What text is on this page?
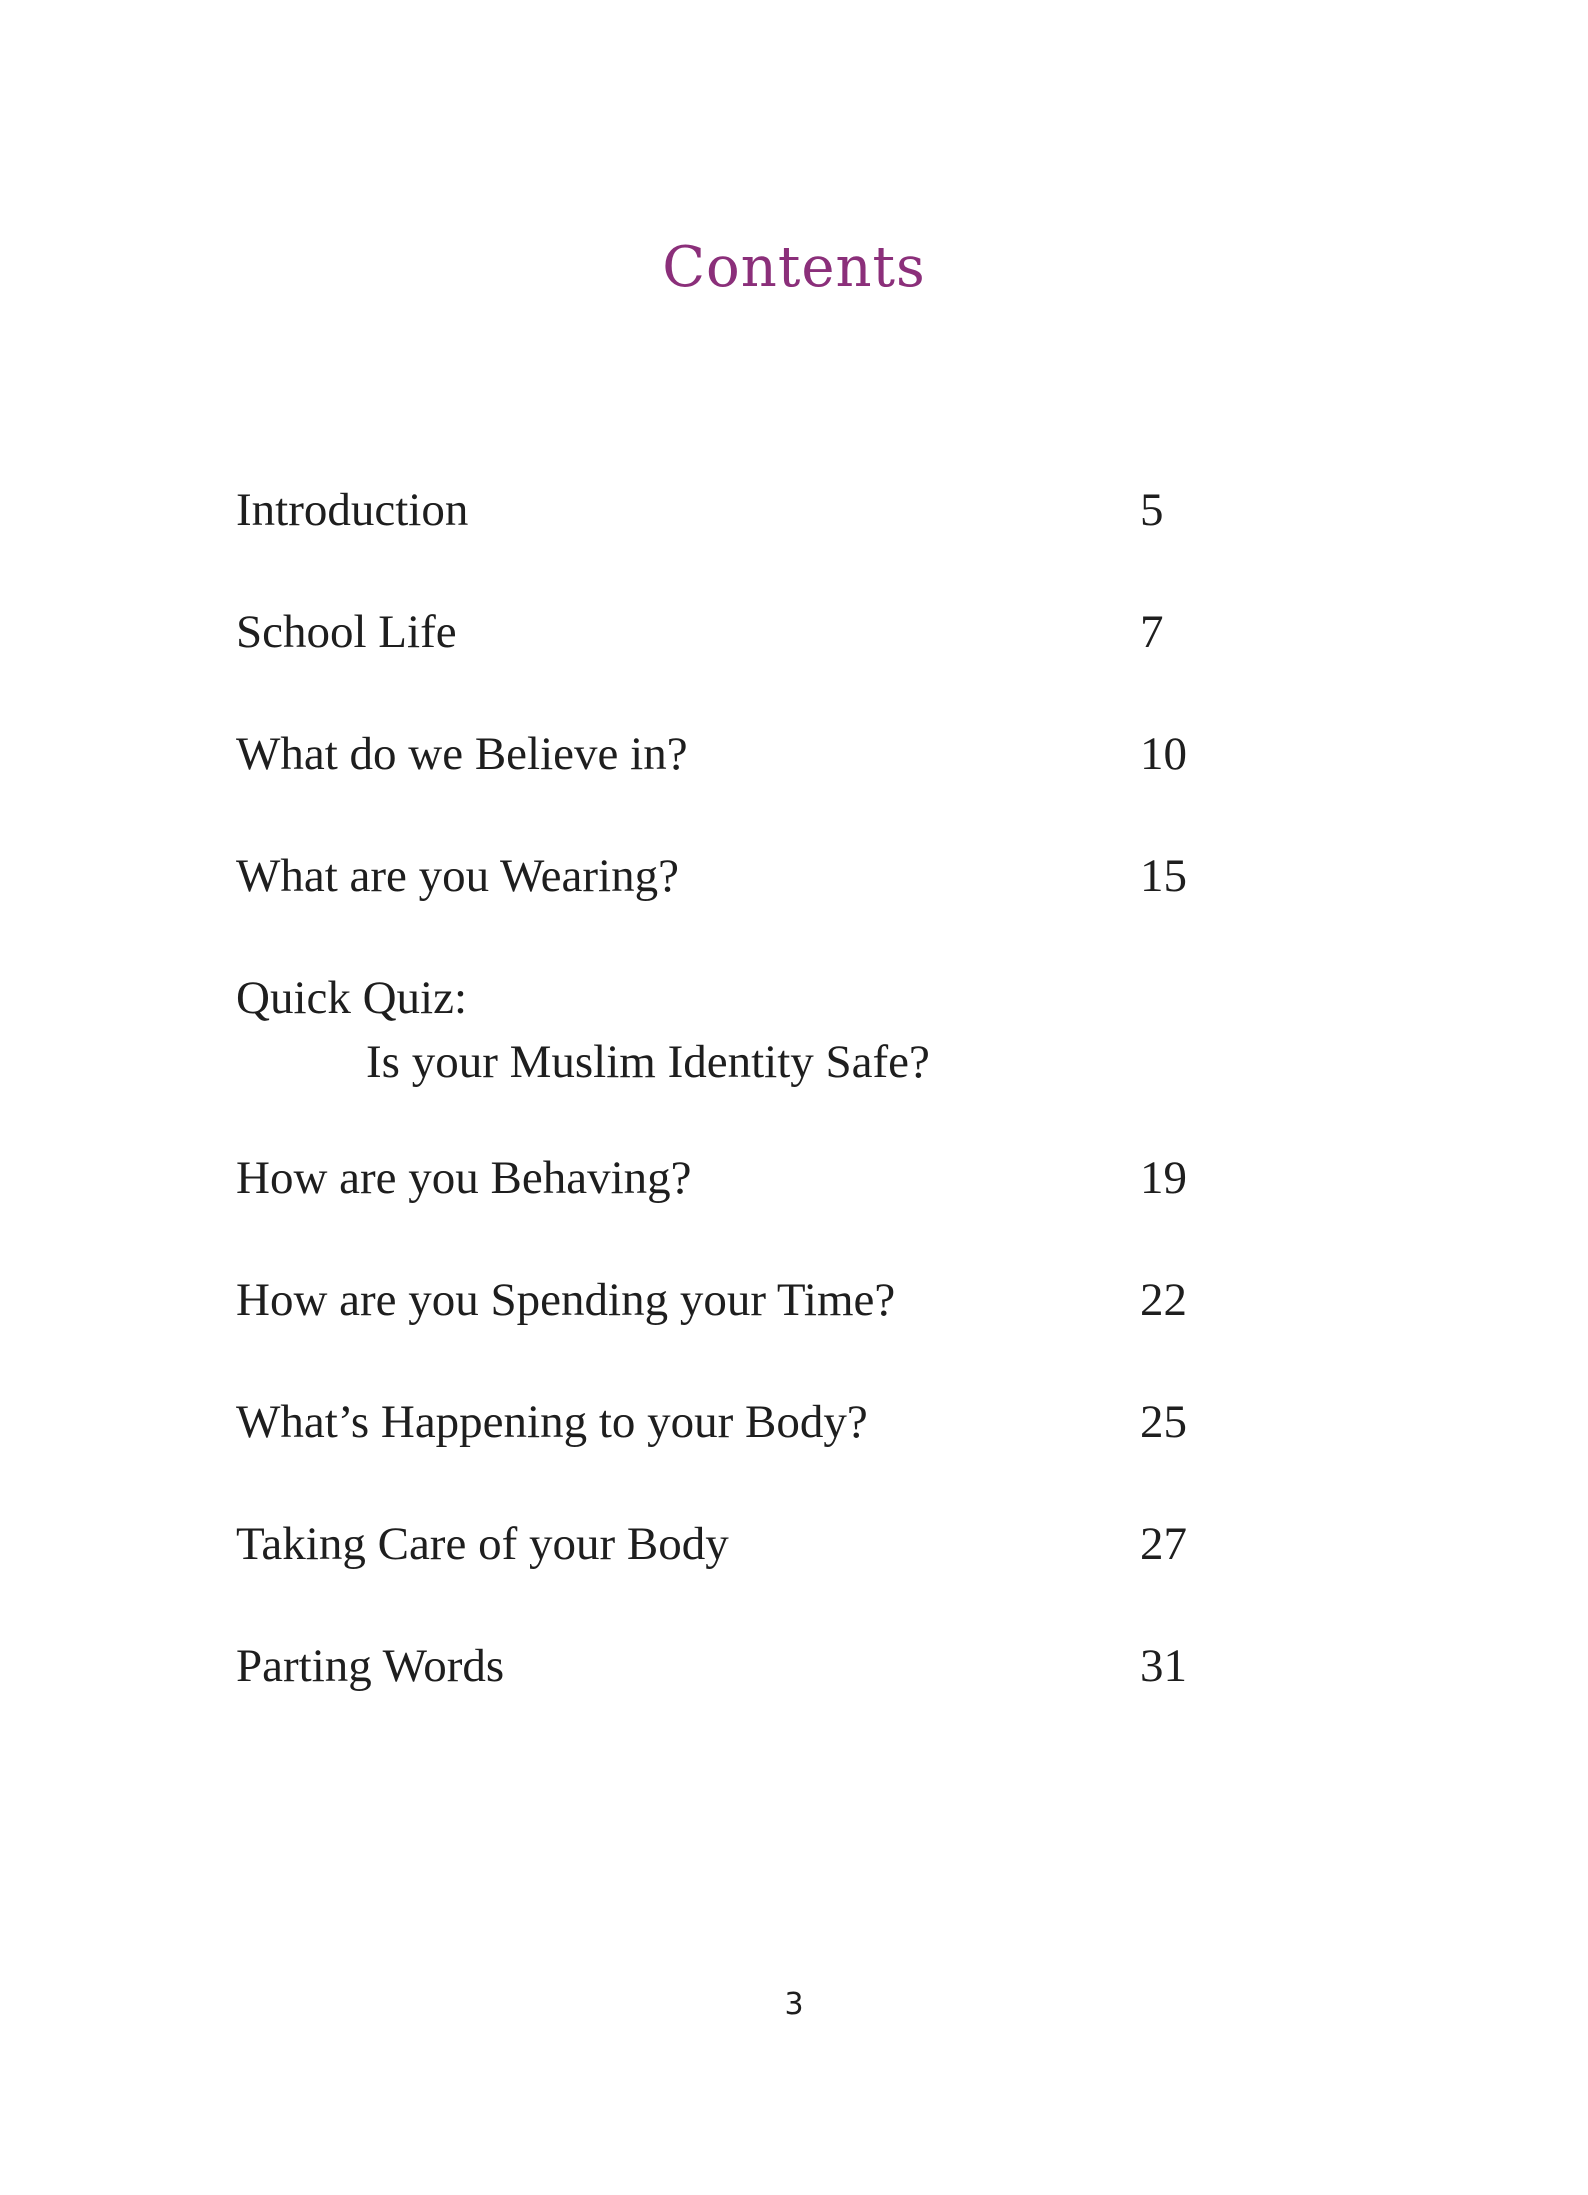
Contents
Introduction	5
School Life	7
What do we Believe in?	10
What are you Wearing?	15
Quick Quiz:
Is your Muslim Identity Safe?
How are you Behaving?	19
How are you Spending your Time?	22
What’s Happening to your Body?	25
Taking Care of your Body	27
Parting Words	31
3
